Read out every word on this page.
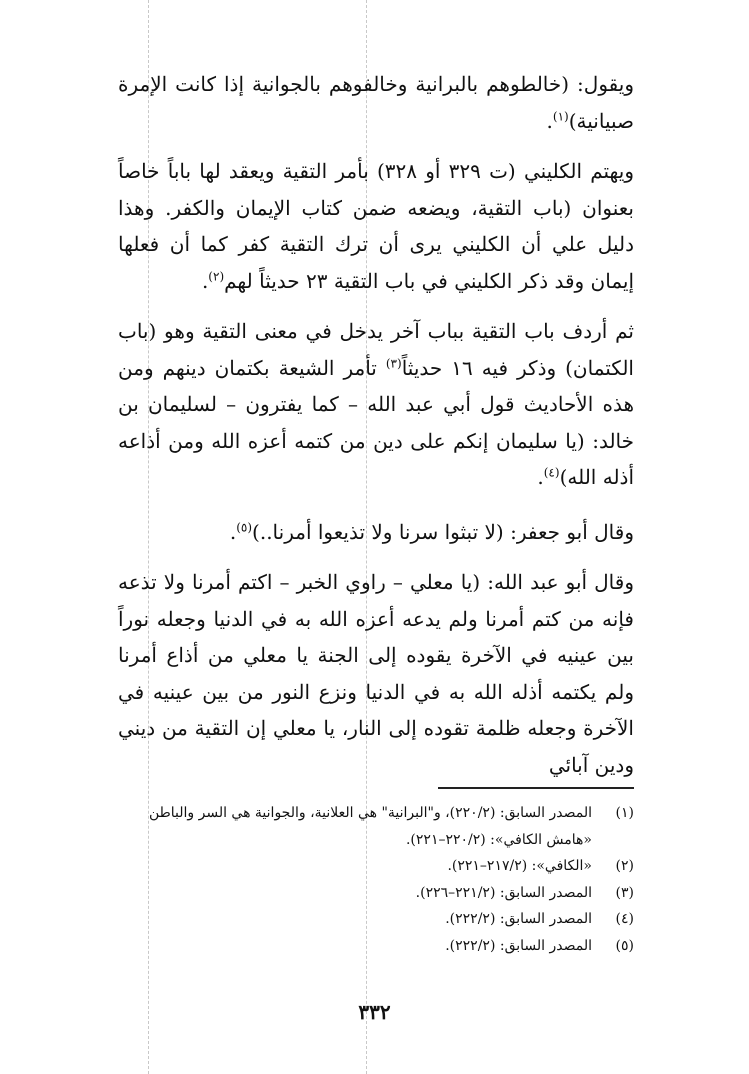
ويقول: (خالطوهم بالبرانية وخالفوهم بالجوانية إذا كانت الإمرة صبيانية)$^{(١)}$.

ويهتم الكليني (ت ٣٢٩ أو ٣٢٨) بأمر التقية ويعقد لها باباً خاصاً بعنوان (باب التقية، ويضعه ضمن كتاب الإيمان والكفر. وهذا دليل علي أن الكليني يرى أن ترك التقية كفر كما أن فعلها إيمان وقد ذكر الكليني في باب التقية ٢٣ حديثاً لهم$^{(٢)}$.

ثم أردف باب التقية بباب آخر يدخل في معنى التقية وهو (باب الكتمان) وذكر فيه ١٦ حديثاً$^{(٣)}$ تأمر الشيعة بكتمان دينهم ومن هذه الأحاديث قول أبي عبد الله – كما يفترون – لسليمان بن خالد: (يا سليمان إنكم على دين من كتمه أعزه الله ومن أذاعه أذله الله)$^{(٤)}$.

وقال أبو جعفر: (لا تبثوا سرنا ولا تذيعوا أمرنا..)$^{(٥)}$.

وقال أبو عبد الله: (يا معلي – راوي الخبر – اكتم أمرنا ولا تذعه فإنه من كتم أمرنا ولم يدعه أعزه الله به في الدنيا وجعله نوراً بين عينيه في الآخرة يقوده إلى الجنة يا معلي من أذاع أمرنا ولم يكتمه أذله الله به في الدنيا ونزع النور من بين عينيه في الآخرة وجعله ظلمة تقوده إلى النار، يا معلي إن التقية من ديني ودين آبائي

(١)
المصدر السابق: (٢٢٠/٢)، و"البرانية" هي العلانية، والجوانية هي السر والباطن «هامش الكافي»: (٢٢٠/٢–٢٢١).
(٢)
«الكافي»: (٢١٧/٢–٢٢١).
(٣)
المصدر السابق: (٢٢١/٢–٢٢٦).
(٤)
المصدر السابق: (٢٢٢/٢).
(٥)
المصدر السابق: (٢٢٢/٢).
٣٣٢
